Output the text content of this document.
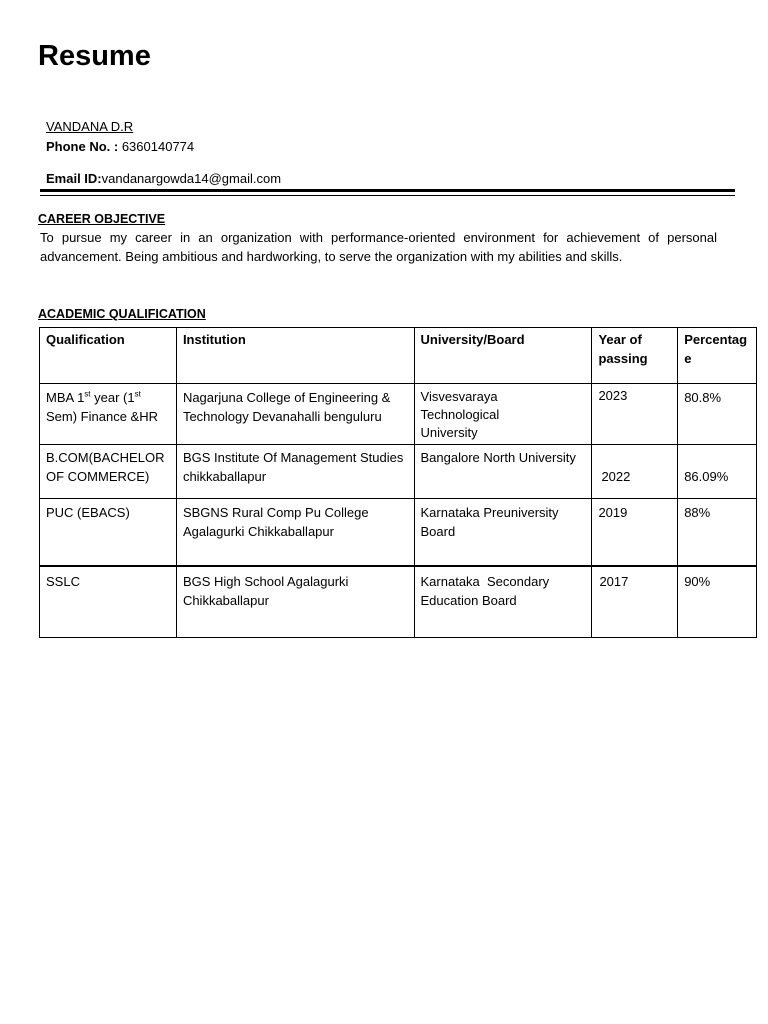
Resume
VANDANA D.R
Phone No. : 6360140774
Email ID:vandanargowda14@gmail.com
CAREER OBJECTIVE

To pursue my career in an organization with performance-oriented environment for achievement of personal advancement. Being ambitious and hardworking, to serve the organization with my abilities and skills.

ACADEMIC QUALIFICATION
Qualification	Institution	University/Board	Year of passing	Percentage
MBA 1st year (1st Sem) Finance &HR	Nagarjuna College of Engineering & Technology Devanahalli benguluru	Visvesvaraya Technological University	2023	80.8%
B.COM(BACHELOR OF COMMERCE)	BGS Institute Of Management Studies chikkaballapur	Bangalore North University	2022	86.09%
PUC (EBACS)	SBGNS Rural Comp Pu College Agalagurki Chikkaballapur	Karnataka Preuniversity Board	2019	88%
SSLC	BGS High School Agalagurki Chikkaballapur	Karnataka  Secondary Education Board	2017	90%
